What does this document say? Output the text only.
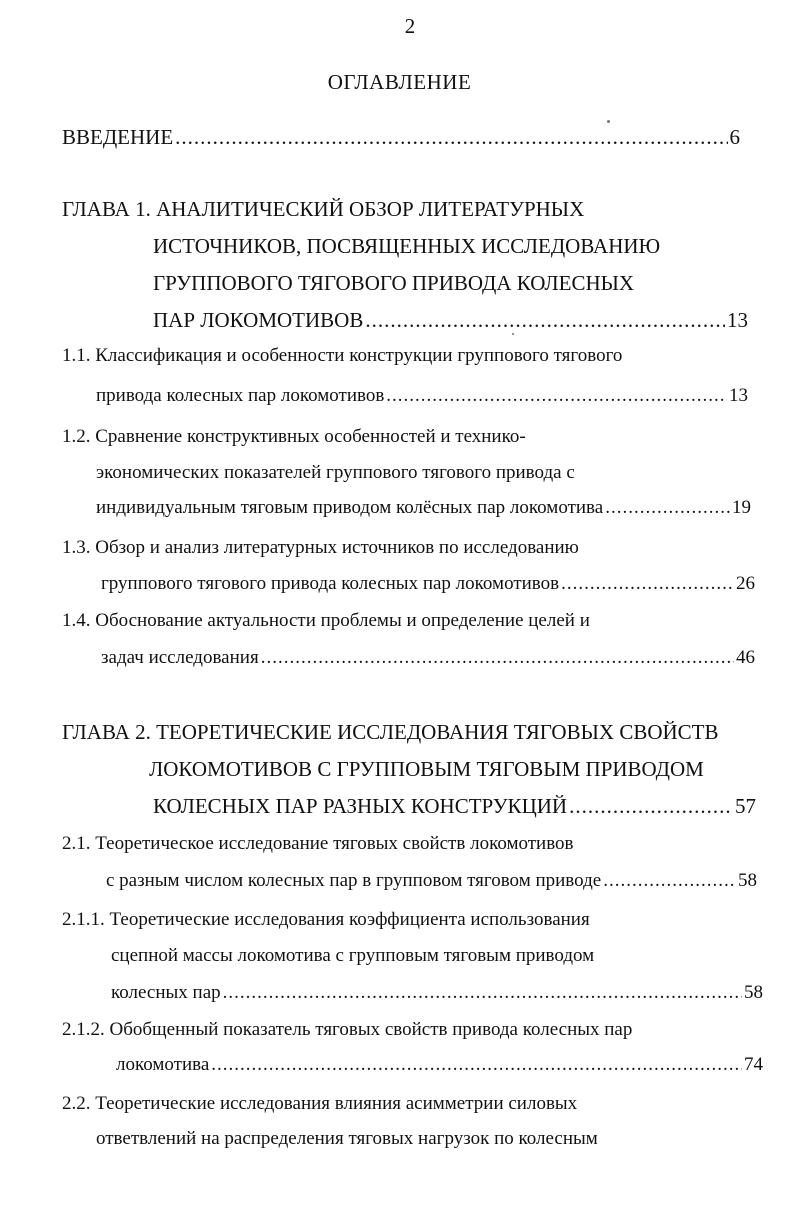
2
ОГЛАВЛЕНИЕ
ВВЕДЕНИЕ .....	6
ГЛАВА 1. АНАЛИТИЧЕСКИЙ ОБЗОР ЛИТЕРАТУРНЫХ
ИСТОЧНИКОВ, ПОСВЯЩЕННЫХ ИССЛЕДОВАНИЮ
ГРУППОВОГО ТЯГОВОГО ПРИВОДА КОЛЕСНЫХ
ПАР ЛОКОМОТИВОВ .....	13
1.1. Классификация и особенности конструкции группового тягового
привода колесных пар локомотивов .....	13
1.2. Сравнение конструктивных особенностей и технико-
экономических показателей группового тягового привода с
индивидуальным тяговым приводом колёсных пар локомотива .....	19
1.3. Обзор и анализ литературных источников по исследованию
группового тягового привода колесных пар локомотивов .....	26
1.4. Обоснование актуальности проблемы и определение целей и
задач исследования .....	46
ГЛАВА 2. ТЕОРЕТИЧЕСКИЕ ИССЛЕДОВАНИЯ ТЯГОВЫХ СВОЙСТВ
ЛОКОМОТИВОВ С ГРУППОВЫМ ТЯГОВЫМ ПРИВОДОМ
КОЛЕСНЫХ ПАР РАЗНЫХ КОНСТРУКЦИЙ .....	57
2.1. Теоретическое исследование тяговых свойств локомотивов
с разным числом колесных пар в групповом тяговом приводе .....	58
2.1.1. Теоретические исследования коэффициента использования
сцепной массы локомотива с групповым тяговым приводом
колесных пар .....	58
2.1.2. Обобщенный показатель тяговых свойств привода колесных пар
локомотива .....	74
2.2. Теоретические исследования влияния асимметрии силовых
ответвлений на распределения тяговых нагрузок по колесным
